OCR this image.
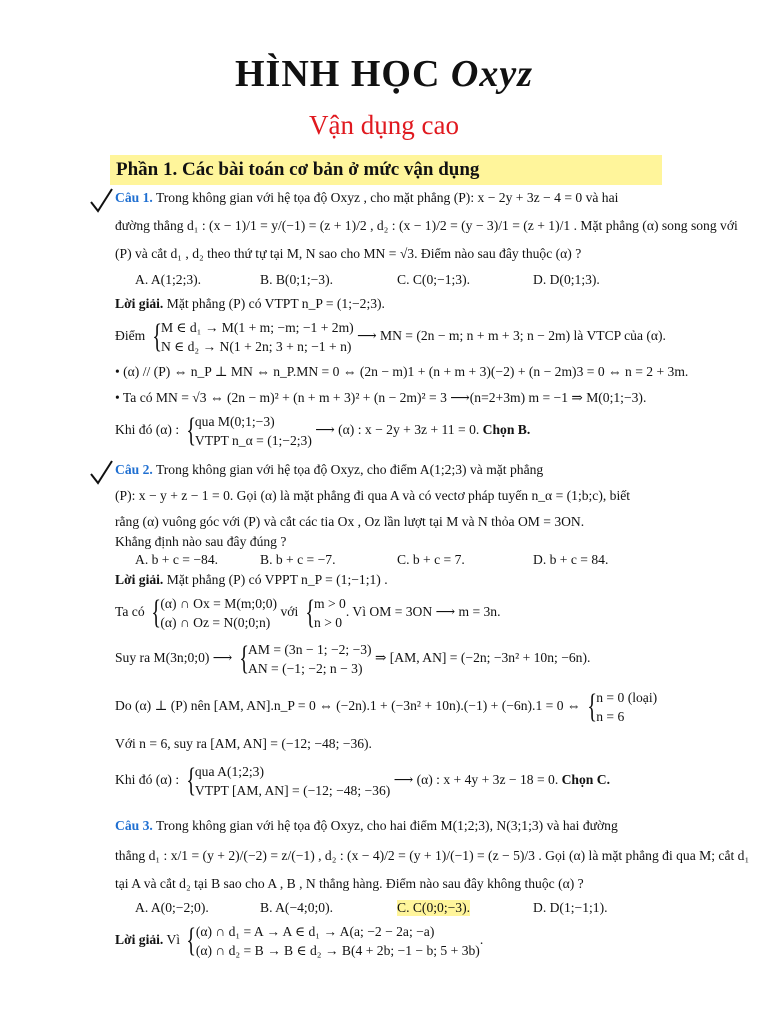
HÌNH HỌC Oxyz
Vận dụng cao
Phần 1. Các bài toán cơ bản ở mức vận dụng
Câu 1. Trong không gian với hệ tọa độ Oxyz , cho mặt phẳng (P): x − 2y + 3z − 4 = 0 và hai
đường thẳng d₁ : (x − 1)/1 = y/(−1) = (z + 1)/2 , d₂ : (x − 1)/2 = (y − 3)/1 = (z + 1)/1 . Mặt phẳng (α) song song với
(P) và cắt d₁ , d₂ theo thứ tự tại M, N sao cho MN = √3. Điểm nào sau đây thuộc (α) ?
A. A(1;2;3).	B. B(0;1;−3).	C. C(0;−1;3).	D. D(0;1;3).
Lời giải. Mặt phẳng (P) có VTPT n_P = (1;−2;3).
Điểm {M ∈ d₁ → M(1 + m; −m; −1 + 2m)
N ∈ d₂ → N(1 + 2n; 3 + n; −1 + n) ⟶ MN = (2n − m; n + m + 3; n − 2m) là VTCP của (α).
• (α) // (P) ⇔ n_P ⊥ MN ⇔ n_P.MN = 0 ⇔ (2n − m)1 + (n + m + 3)(−2) + (n − 2m)3 = 0 ⇔ n = 2 + 3m.
• Ta có MN = √3 ⇔ (2n − m)² + (n + m + 3)² + (n − 2m)² = 3 ⟶(n=2+3m) m = −1 ⇒ M(0;1;−3).
Khi đó (α) : {qua M(0;1;−3)
VTPT n_α = (1;−2;3) ⟶ (α) : x − 2y + 3z + 11 = 0. Chọn B.
Câu 2. Trong không gian với hệ tọa độ Oxyz, cho điểm A(1;2;3) và mặt phẳng
(P): x − y + z − 1 = 0. Gọi (α) là mặt phẳng đi qua A và có vectơ pháp tuyến n_α = (1;b;c), biết
rằng (α) vuông góc với (P) và cắt các tia Ox , Oz lần lượt tại M và N thỏa OM = 3ON.
Khẳng định nào sau đây đúng ?
A. b + c = −84.	B. b + c = −7.	C. b + c = 7.	D. b + c = 84.
Lời giải. Mặt phẳng (P) có VPPT n_P = (1;−1;1) .
Ta có {(α) ∩ Ox = M(m;0;0)
(α) ∩ Oz = N(0;0;n) với {m > 0
n > 0. Vì OM = 3ON ⟶ m = 3n.
Suy ra M(3n;0;0) ⟶ {AM = (3n − 1; −2; −3)
AN = (−1; −2; n − 3) ⇒ [AM, AN] = (−2n; −3n² + 10n; −6n).
Do (α) ⊥ (P) nên [AM, AN].n_P = 0 ⇔ (−2n).1 + (−3n² + 10n).(−1) + (−6n).1 = 0 ⇔ {n = 0 (loại)
n = 6
Với n = 6, suy ra [AM, AN] = (−12; −48; −36).
Khi đó (α) : {qua A(1;2;3)
VTPT [AM, AN] = (−12; −48; −36) ⟶ (α) : x + 4y + 3z − 18 = 0. Chọn C.
Câu 3. Trong không gian với hệ tọa độ Oxyz, cho hai điểm M(1;2;3), N(3;1;3) và hai đường
thẳng d₁ : x/1 = (y + 2)/(−2) = z/(−1) , d₂ : (x − 4)/2 = (y + 1)/(−1) = (z − 5)/3 . Gọi (α) là mặt phẳng đi qua M; cắt d₁
tại A và cắt d₂ tại B sao cho A , B , N thẳng hàng. Điểm nào sau đây không thuộc (α) ?
A. A(0;−2;0).	B. A(−4;0;0).	C. C(0;0;−3).	D. D(1;−1;1).
Lời giải. Vì {(α) ∩ d₁ = A → A ∈ d₁ → A(a; −2 − 2a; −a)
(α) ∩ d₂ = B → B ∈ d₂ → B(4 + 2b; −1 − b; 5 + 3b).
